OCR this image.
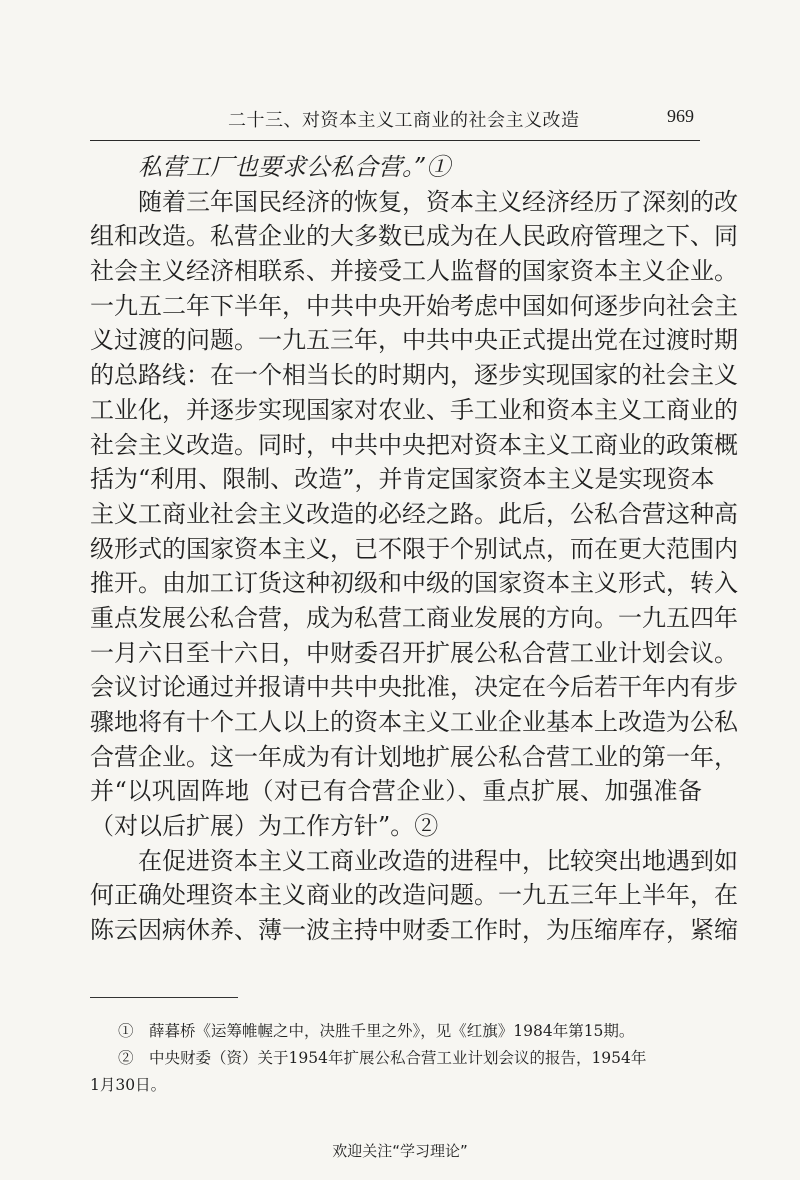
二十三、对资本主义工商业的社会主义改造	969
私营工厂也要求公私合营。”①
随着三年国民经济的恢复，资本主义经济经历了深刻的改
组和改造。私营企业的大多数已成为在人民政府管理之下、同
社会主义经济相联系、并接受工人监督的国家资本主义企业。
一九五二年下半年，中共中央开始考虑中国如何逐步向社会主
义过渡的问题。一九五三年，中共中央正式提出党在过渡时期
的总路线：在一个相当长的时期内，逐步实现国家的社会主义
工业化，并逐步实现国家对农业、手工业和资本主义工商业的
社会主义改造。同时，中共中央把对资本主义工商业的政策概
括为“利用、限制、改造”，并肯定国家资本主义是实现资本
主义工商业社会主义改造的必经之路。此后，公私合营这种高
级形式的国家资本主义，已不限于个别试点，而在更大范围内
推开。由加工订货这种初级和中级的国家资本主义形式，转入
重点发展公私合营，成为私营工商业发展的方向。一九五四年
一月六日至十六日，中财委召开扩展公私合营工业计划会议。
会议讨论通过并报请中共中央批准，决定在今后若干年内有步
骤地将有十个工人以上的资本主义工业企业基本上改造为公私
合营企业。这一年成为有计划地扩展公私合营工业的第一年，
并“以巩固阵地（对已有合营企业）、重点扩展、加强准备
（对以后扩展）为工作方针”。②
在促进资本主义工商业改造的进程中，比较突出地遇到如
何正确处理资本主义商业的改造问题。一九五三年上半年，在
陈云因病休养、薄一波主持中财委工作时，为压缩库存，紧缩
①　薛暮桥《运筹帷幄之中，决胜千里之外》，见《红旗》1984年第15期。
②　中央财委（资）关于1954年扩展公私合营工业计划会议的报告，1954年
1月30日。
欢迎关注“学习理论”
